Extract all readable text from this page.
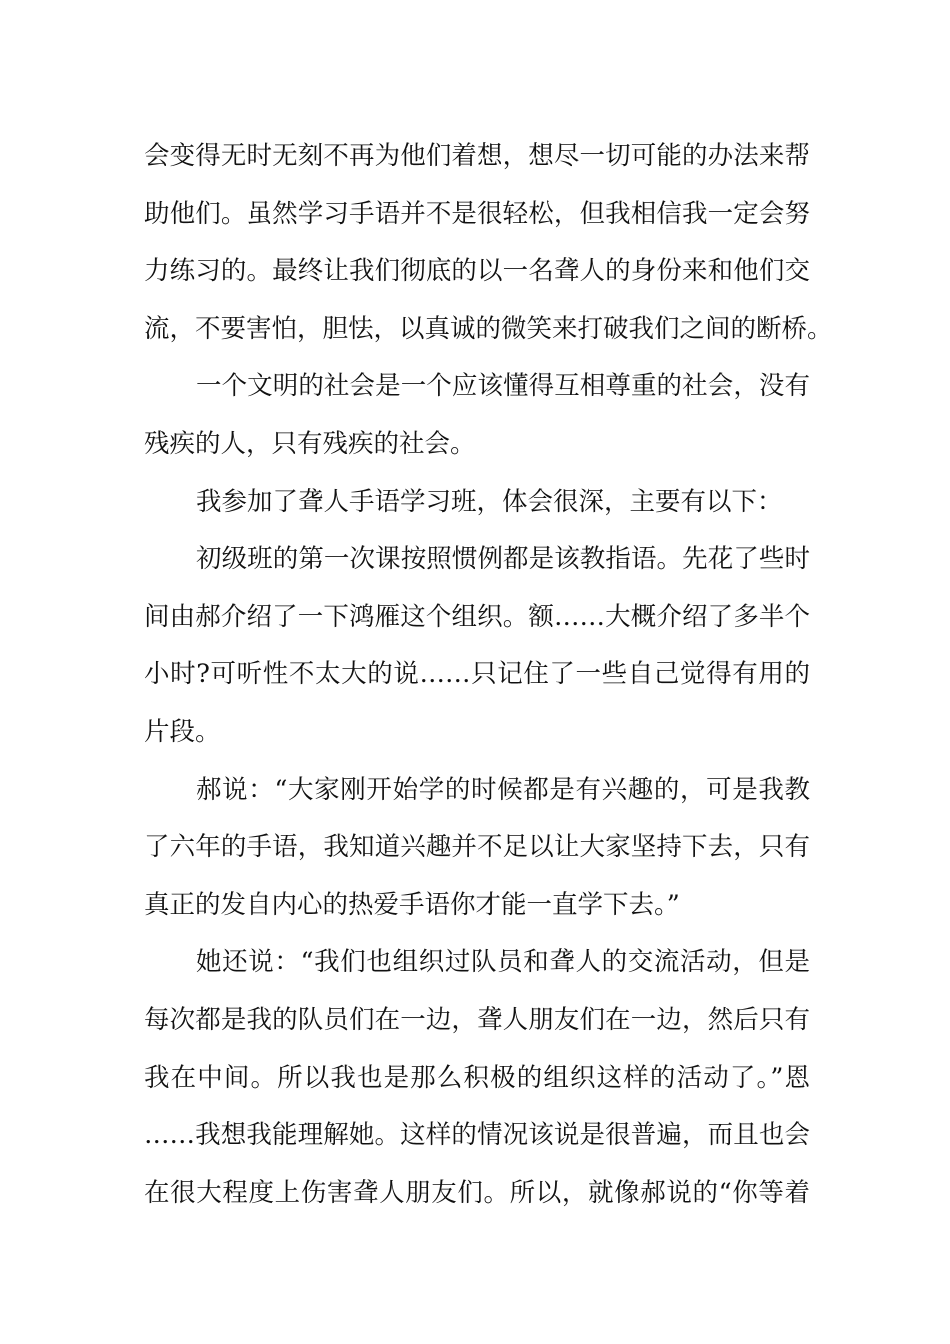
会变得无时无刻不再为他们着想，想尽一切可能的办法来帮
助他们。虽然学习手语并不是很轻松，但我相信我一定会努
力练习的。最终让我们彻底的以一名聋人的身份来和他们交
流，不要害怕，胆怯，以真诚的微笑来打破我们之间的断桥。
一个文明的社会是一个应该懂得互相尊重的社会，没有
残疾的人，只有残疾的社会。
我参加了聋人手语学习班，体会很深，主要有以下：
初级班的第一次课按照惯例都是该教指语。先花了些时
间由郝介绍了一下鸿雁这个组织。额……大概介绍了多半个
小时?可听性不太大的说……只记住了一些自己觉得有用的
片段。
郝说：“大家刚开始学的时候都是有兴趣的，可是我教
了六年的手语，我知道兴趣并不足以让大家坚持下去，只有
真正的发自内心的热爱手语你才能一直学下去。”
她还说：“我们也组织过队员和聋人的交流活动，但是
每次都是我的队员们在一边，聋人朋友们在一边，然后只有
我在中间。所以我也是那么积极的组织这样的活动了。”恩
……我想我能理解她。这样的情况该说是很普遍，而且也会
在很大程度上伤害聋人朋友们。所以，就像郝说的“你等着
